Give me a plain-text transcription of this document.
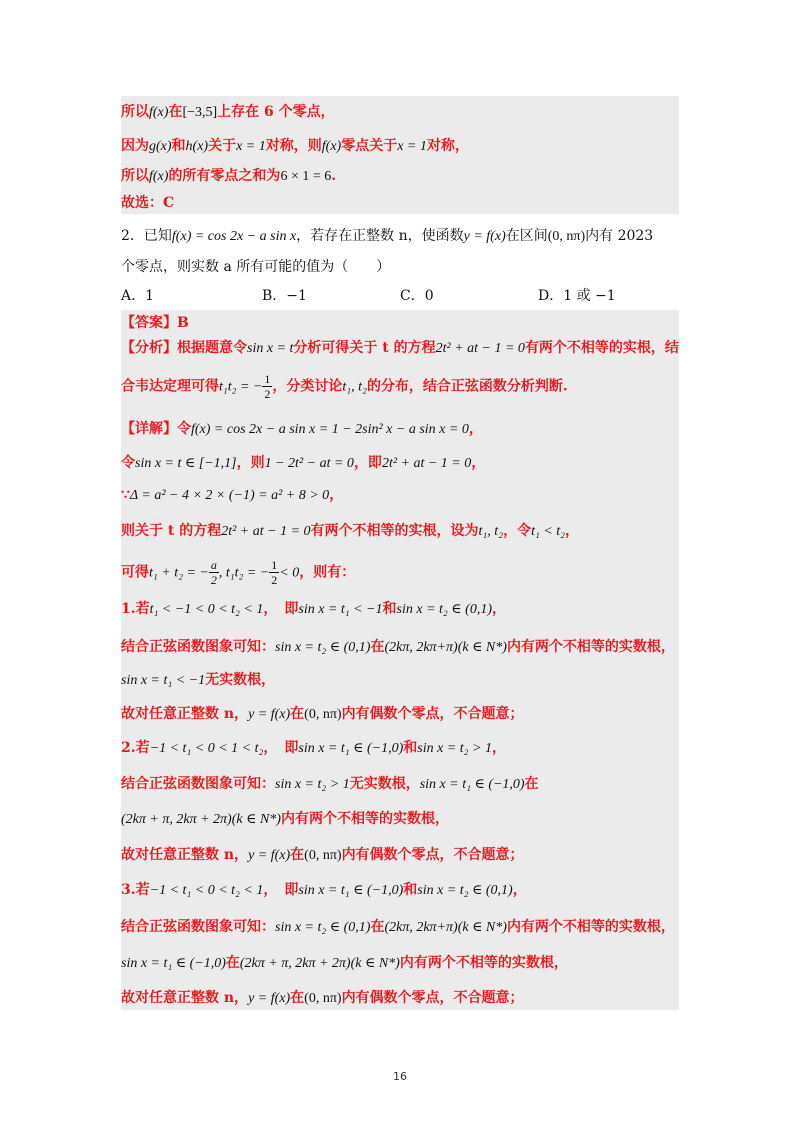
所以f(x)在[−3,5]上存在 6 个零点，
因为g(x)和h(x)关于x = 1对称，则f(x)零点关于x = 1对称，
所以f(x)的所有零点之和为6 × 1 = 6.
故选：C
2．已知f(x) = cos 2x − a sin x，若存在正整数 n，使函数y = f(x)在区间(0, nπ)内有 2023
个零点，则实数 a 所有可能的值为（　　）
A．1	B．−1	C．0	D．1 或 −1
【答案】B
【分析】根据题意令sin x = t分析可得关于 t 的方程2t² + at − 1 = 0有两个不相等的实根，结
合韦达定理可得t₁t₂ = − $\frac{1}{2}$ ，分类讨论t₁, t₂的分布，结合正弦函数分析判断.
【详解】令f(x) = cos 2x − a sin x = 1 − 2sin² x − a sin x = 0，
令sin x = t ∈ [−1,1]，则1 − 2t² − at = 0，即2t² + at − 1 = 0，
∵Δ = a² − 4 × 2 × (−1) = a² + 8 > 0，
则关于 t 的方程2t² + at − 1 = 0有两个不相等的实根，设为t₁, t₂，令t₁ < t₂，
可得t₁ + t₂ = − $\frac{a}{2}$ , t₁t₂ = − $\frac{1}{2} < 0$，则有：
1.若t₁ < −1 < 0 < t₂ < 1，　即sin x = t₁ < −1和sin x = t₂ ∈ (0,1)，
结合正弦函数图象可知：sin x = t₂ ∈ (0,1)在(2kπ, 2kπ+π)(k ∈ N*)内有两个不相等的实数根，
sin x = t₁ < −1无实数根，
故对任意正整数 n，y = f(x)在(0, nπ)内有偶数个零点，不合题意；
2.若−1 < t₁ < 0 < 1 < t₂，　即sin x = t₁ ∈ (−1,0)和sin x = t₂ > 1，
结合正弦函数图象可知：sin x = t₂ > 1无实数根，sin x = t₁ ∈ (−1,0)在
(2kπ + π, 2kπ + 2π)(k ∈ N*)内有两个不相等的实数根，
故对任意正整数 n，y = f(x)在(0, nπ)内有偶数个零点，不合题意；
3.若−1 < t₁ < 0 < t₂ < 1，　即sin x = t₁ ∈ (−1,0)和sin x = t₂ ∈ (0,1)，
结合正弦函数图象可知：sin x = t₂ ∈ (0,1)在(2kπ, 2kπ+π)(k ∈ N*)内有两个不相等的实数根，
sin x = t₁ ∈ (−1,0)在(2kπ + π, 2kπ + 2π)(k ∈ N*)内有两个不相等的实数根，
故对任意正整数 n，y = f(x)在(0, nπ)内有偶数个零点，不合题意；
16
